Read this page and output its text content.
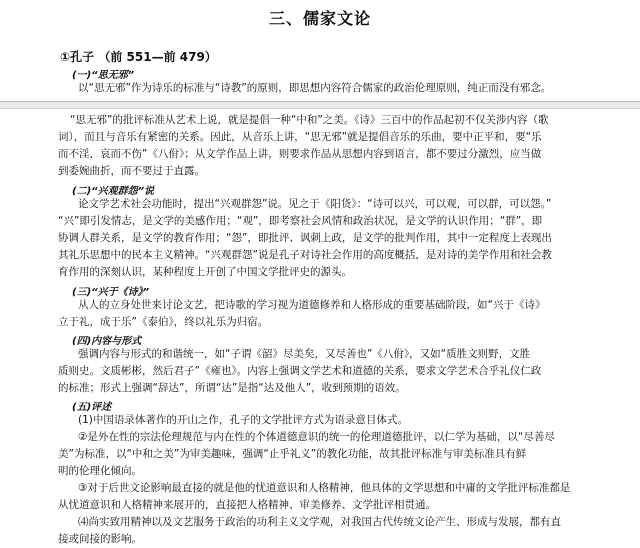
三、儒家文论
①孔子 （前 551—前 479）
(一)“思无邪”
以“思无邪”作为诗乐的标准与“诗教”的原则，即思想内容符合儒家的政治伦理原则，纯正而没有邪念。
“思无邪”的批评标准从艺术上说，就是提倡一种“中和”之美。《诗》三百中的作品起初不仅关涉内容（歌
词），而且与音乐有紧密的关系。因此，从音乐上讲，“思无邪”就是提倡音乐的乐曲，要中正平和，要“乐
而不淫，哀而不伤”《八佾》；从文学作品上讲，则要求作品从思想内容到语言，都不要过分激烈，应当做
到委婉曲折，而不要过于直露。
(二)“兴观群怨”说
论文学艺术社会功能时，提出“兴观群怨”说。见之于《阳货》：“诗可以兴，可以观，可以群，可以怨。”
“兴”即引发情志，是文学的美感作用；“观”，即考察社会风情和政治状况，是文学的认识作用；“群”，即
协调人群关系，是文学的教育作用；“怨”，即批评、讽刺上政，是文学的批判作用，其中一定程度上表现出
其礼乐思想中的民本主义精神。“兴观群怨”说是孔子对诗社会作用的高度概括，是对诗的美学作用和社会教
育作用的深刻认识，某种程度上开创了中国文学批评史的源头。
(三)“兴于《诗》”
从人的立身处世来讨论文艺，把诗歌的学习视为道德修养和人格形成的重要基础阶段，如“兴于《诗》
立于礼，成于乐”《泰伯》，终以礼乐为归宿。
(四)内容与形式
强调内容与形式的和谐统一，如“子谓《韶》尽美矣，又尽善也”《八佾》，又如“质胜文则野，文胜
质则史。文质彬彬，然后君子”《雍也》。内容上强调文学艺术和道德的关系，要求文学艺术合乎礼仪仁政
的标准；形式上强调“辞达”，所谓“达”是指“达及他人”，收到预期的语效。
(五)评述
(1)中国语录体著作的开山之作，孔子的文学批评方式为语录意目体式。
②是外在性的宗法伦理规范与内在性的个体道德意识的统一的伦理道德批评，以仁学为基础，以“尽善尽
美”为标准，以“中和之美”为审美趣味，强调“止乎礼义”的教化功能，故其批评标准与审美标准具有鲜
明的伦理化倾向。
③对于后世文论影响最直接的就是他的忧道意识和人格精神，他具体的文学思想和中庸的文学批评标准都是
从忧道意识和人格精神来展开的，直接把人格精神、审美修养、文学批评相贯通。
⑷尚实致用精神以及文艺服务于政治的功利主义文学观，对我国古代传统文论产生、形成与发展，都有直
接或间接的影响。
